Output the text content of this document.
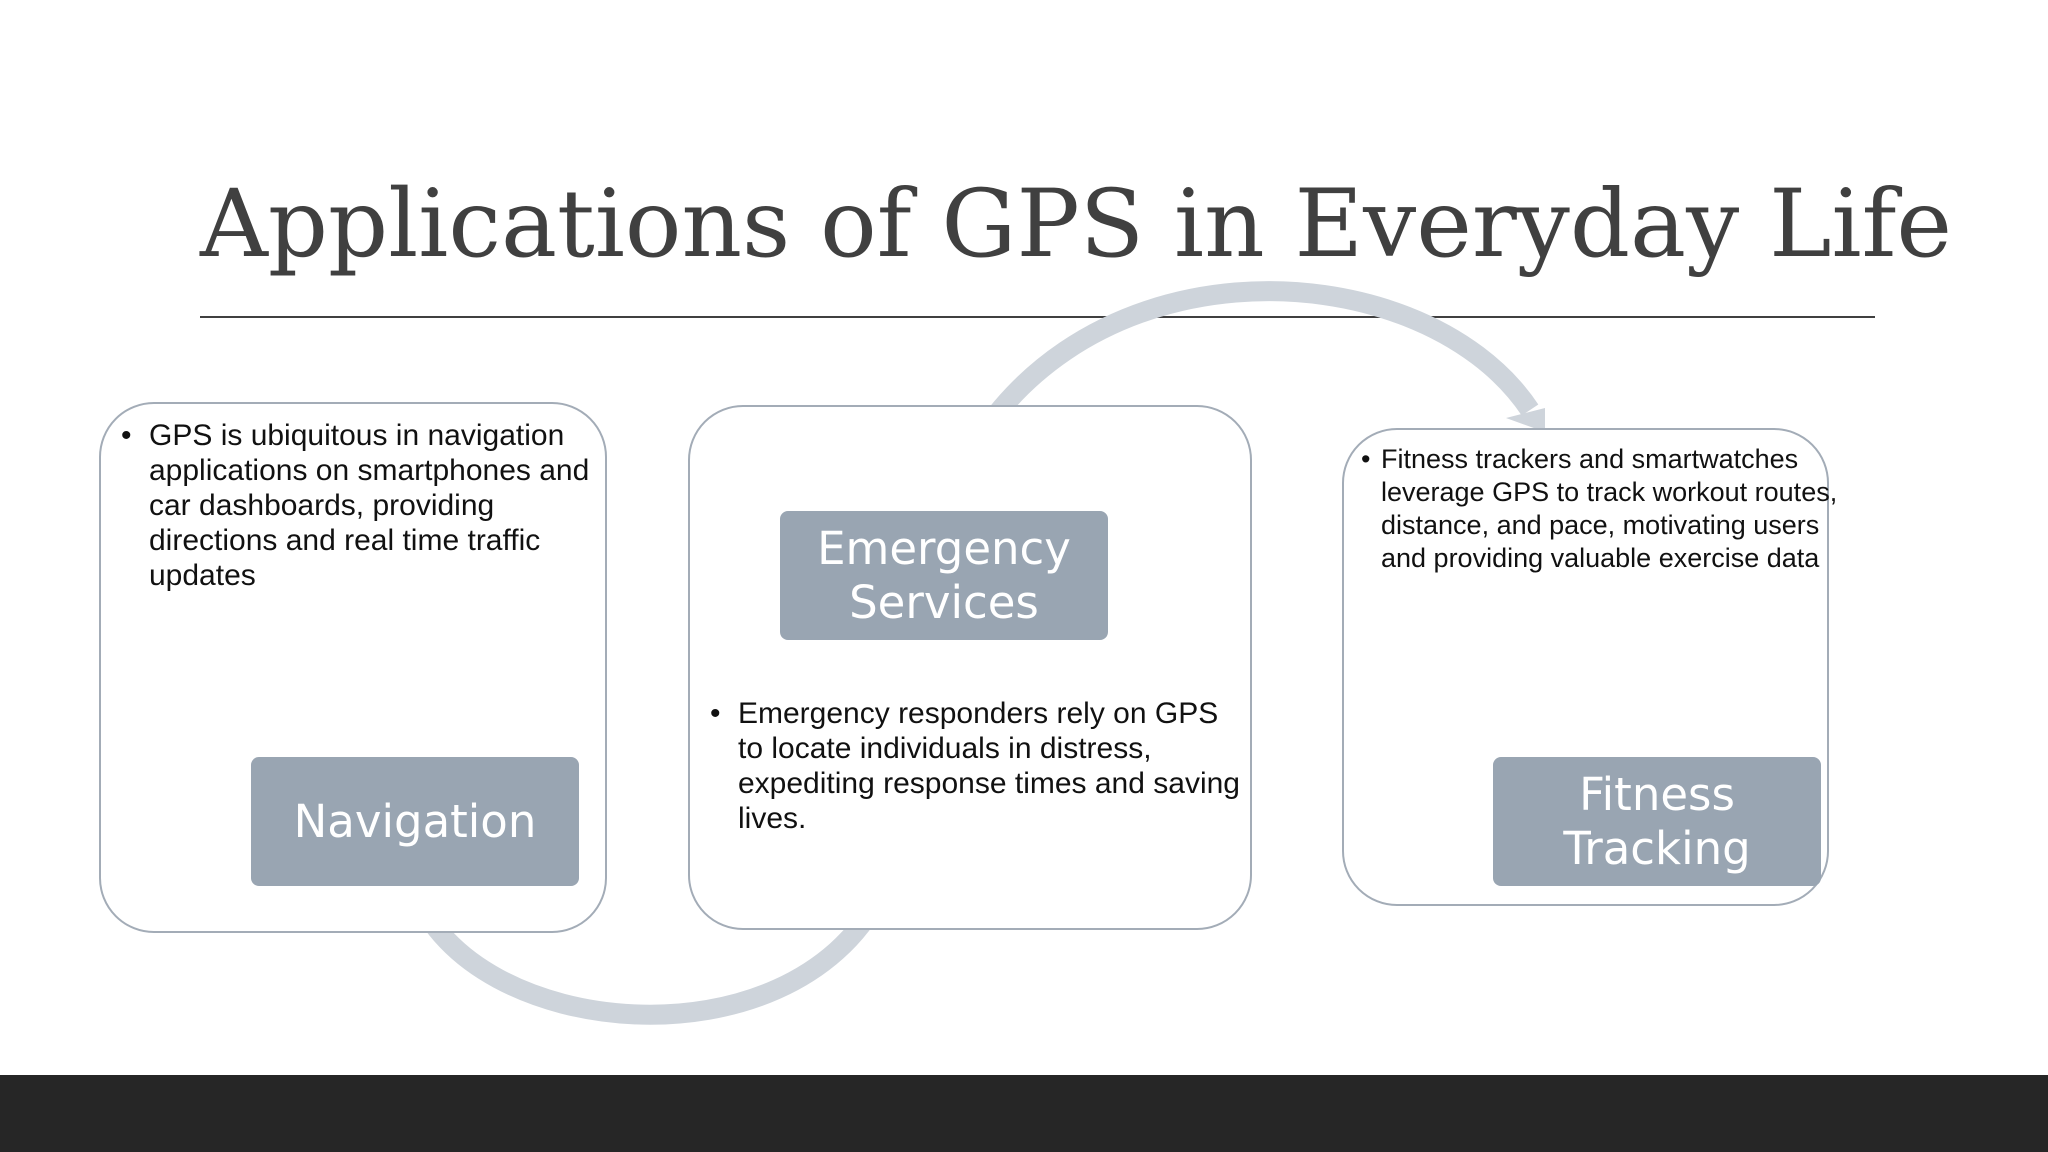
Applications of GPS in Everyday Life

• GPS is ubiquitous in navigation applications on smartphones and car dashboards, providing directions and real time traffic updates

Navigation
Emergency
Services

• Emergency responders rely on GPS to locate individuals in distress, expediting response times and saving lives.

• Fitness trackers and smartwatches leverage GPS to track workout routes, distance, and pace, motivating users and providing valuable exercise data

Fitness
Tracking
